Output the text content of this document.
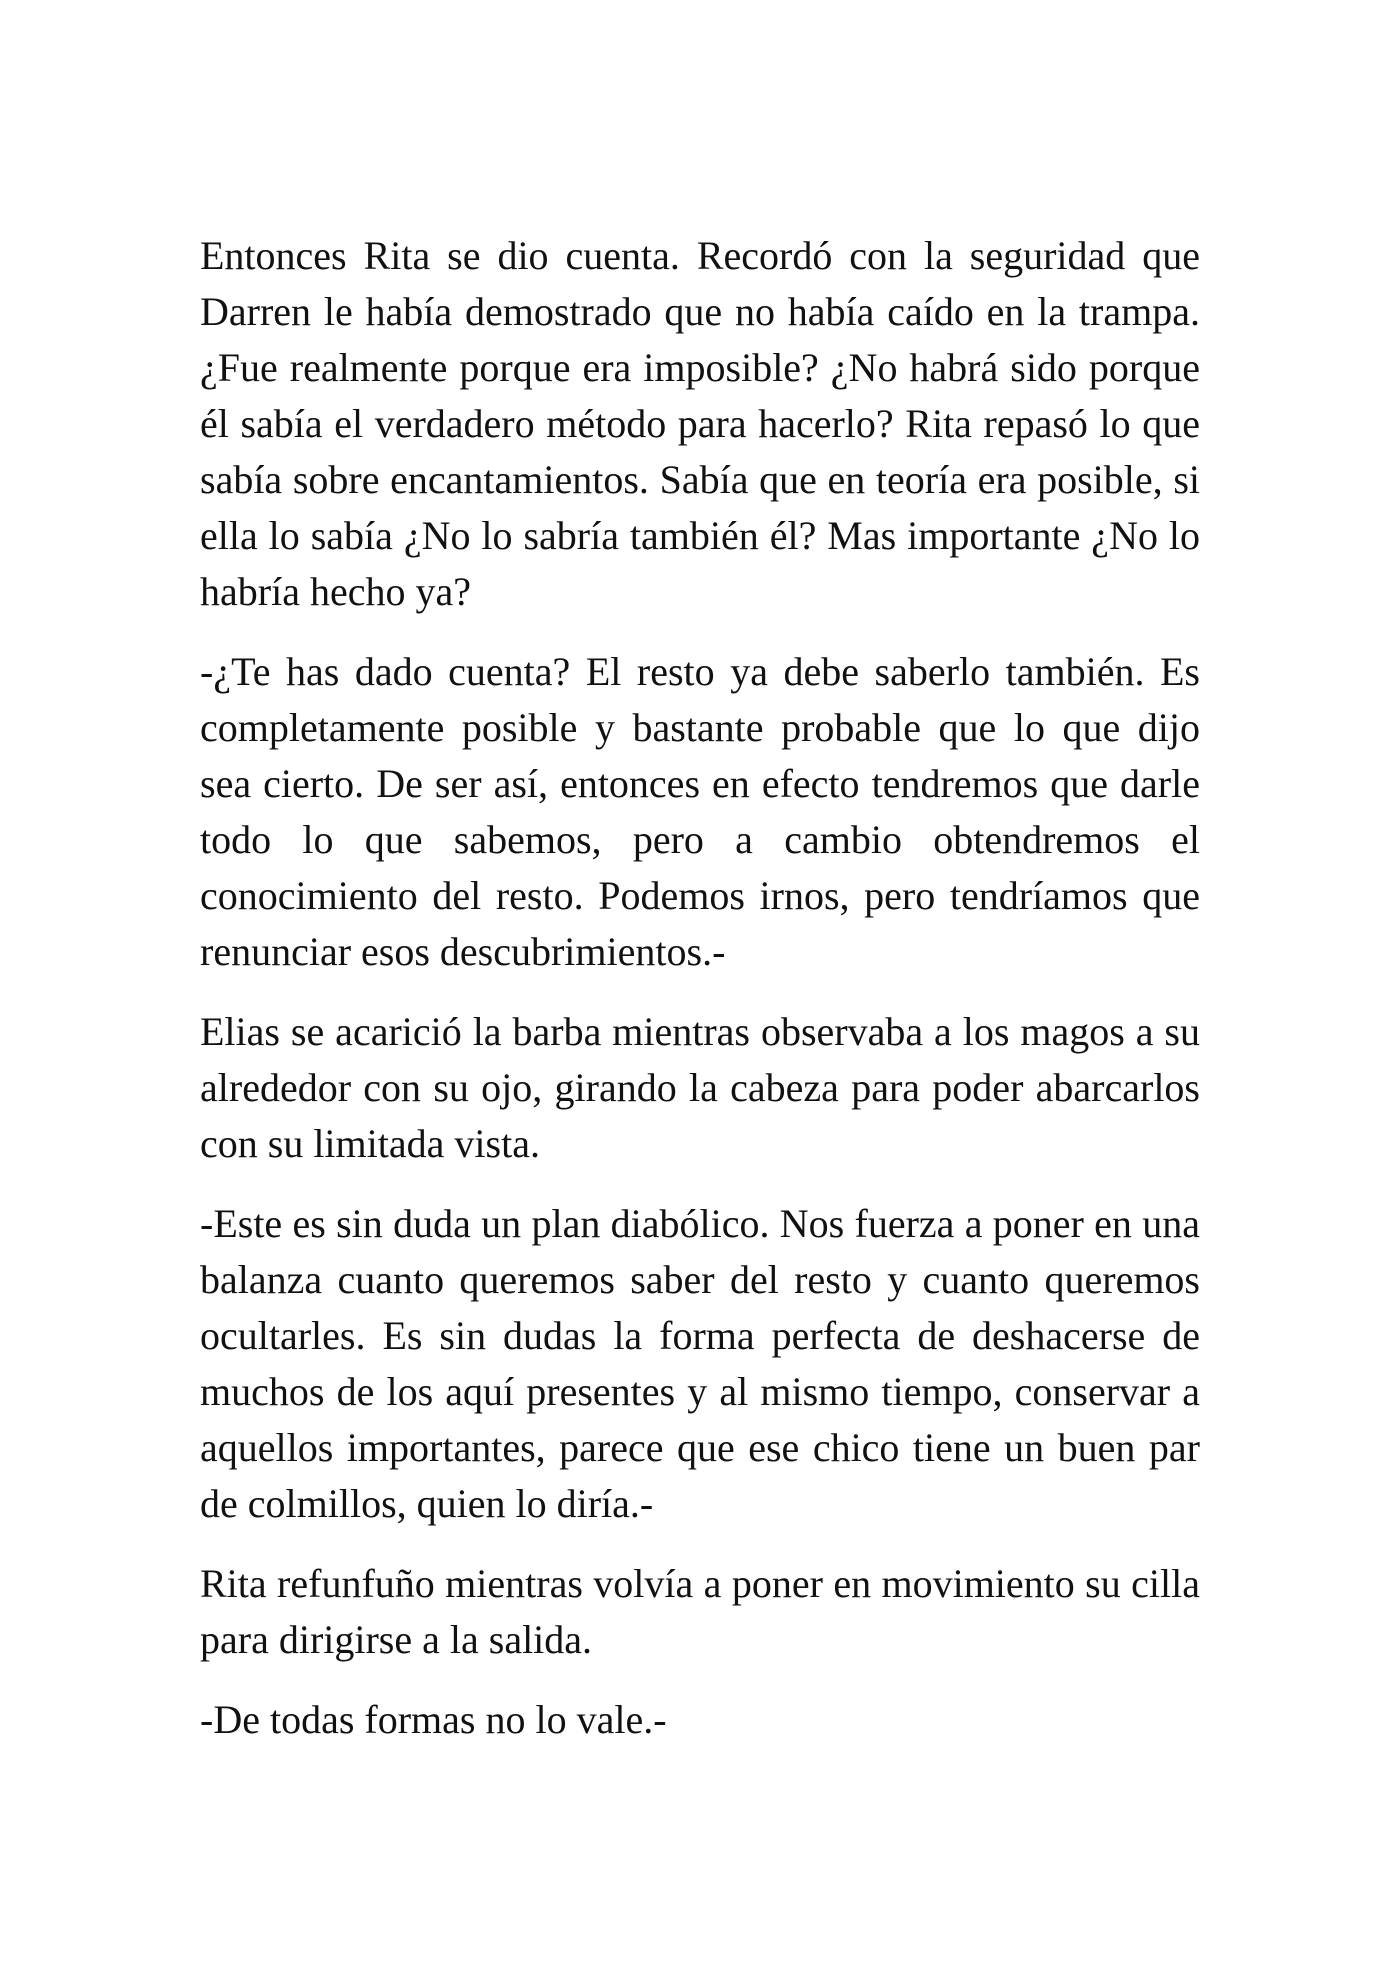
Entonces Rita se dio cuenta. Recordó con la seguridad que Darren le había demostrado que no había caído en la trampa. ¿Fue realmente porque era imposible? ¿No habrá sido porque él sabía el verdadero método para hacerlo? Rita repasó lo que sabía sobre encantamientos. Sabía que en teoría era posible, si ella lo sabía ¿No lo sabría también él? Mas importante ¿No lo habría hecho ya?

-¿Te has dado cuenta? El resto ya debe saberlo también. Es completamente posible y bastante probable que lo que dijo sea cierto. De ser así, entonces en efecto tendremos que darle todo lo que sabemos, pero a cambio obtendremos el conocimiento del resto. Podemos irnos, pero tendríamos que renunciar esos descubrimientos.-

Elias se acarició la barba mientras observaba a los magos a su alrededor con su ojo, girando la cabeza para poder abarcarlos con su limitada vista.

-Este es sin duda un plan diabólico. Nos fuerza a poner en una balanza cuanto queremos saber del resto y cuanto queremos ocultarles. Es sin dudas la forma perfecta de deshacerse de muchos de los aquí presentes y al mismo tiempo, conservar a aquellos importantes, parece que ese chico tiene un buen par de colmillos, quien lo diría.-

Rita refunfuño mientras volvía a poner en movimiento su cilla para dirigirse a la salida.

-De todas formas no lo vale.-
